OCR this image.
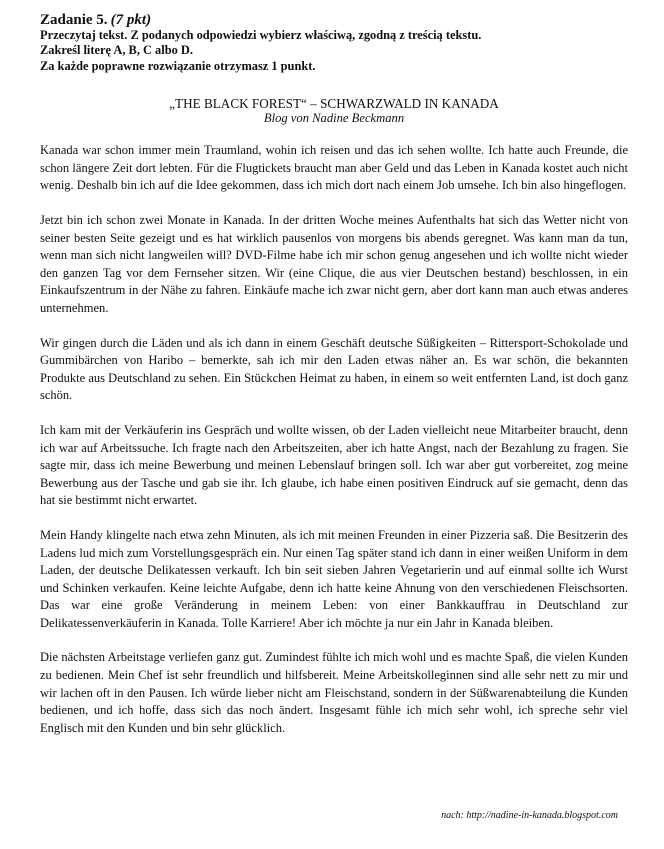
Zadanie 5. (7 pkt)
Przeczytaj tekst. Z podanych odpowiedzi wybierz właściwą, zgodną z treścią tekstu.
Zakreśl literę A, B, C albo D.
Za każde poprawne rozwiązanie otrzymasz 1 punkt.
„THE BLACK FOREST“ – SCHWARZWALD IN KANADA
Blog von Nadine Beckmann

Kanada war schon immer mein Traumland, wohin ich reisen und das ich sehen wollte. Ich hatte auch Freunde, die schon längere Zeit dort lebten. Für die Flugtickets braucht man aber Geld und das Leben in Kanada kostet auch nicht wenig. Deshalb bin ich auf die Idee gekommen, dass ich mich dort nach einem Job umsehe. Ich bin also hingeflogen.

Jetzt bin ich schon zwei Monate in Kanada. In der dritten Woche meines Aufenthalts hat sich das Wetter nicht von seiner besten Seite gezeigt und es hat wirklich pausenlos von morgens bis abends geregnet. Was kann man da tun, wenn man sich nicht langweilen will? DVD-Filme habe ich mir schon genug angesehen und ich wollte nicht wieder den ganzen Tag vor dem Fernseher sitzen. Wir (eine Clique, die aus vier Deutschen bestand) beschlossen, in ein Einkaufszentrum in der Nähe zu fahren. Einkäufe mache ich zwar nicht gern, aber dort kann man auch etwas anderes unternehmen.

Wir gingen durch die Läden und als ich dann in einem Geschäft deutsche Süßigkeiten – Rittersport-Schokolade und Gummibärchen von Haribo – bemerkte, sah ich mir den Laden etwas näher an. Es war schön, die bekannten Produkte aus Deutschland zu sehen. Ein Stückchen Heimat zu haben, in einem so weit entfernten Land, ist doch ganz schön.

Ich kam mit der Verkäuferin ins Gespräch und wollte wissen, ob der Laden vielleicht neue Mitarbeiter braucht, denn ich war auf Arbeitssuche. Ich fragte nach den Arbeitszeiten, aber ich hatte Angst, nach der Bezahlung zu fragen. Sie sagte mir, dass ich meine Bewerbung und meinen Lebenslauf bringen soll. Ich war aber gut vorbereitet, zog meine Bewerbung aus der Tasche und gab sie ihr. Ich glaube, ich habe einen positiven Eindruck auf sie gemacht, denn das hat sie bestimmt nicht erwartet.

Mein Handy klingelte nach etwa zehn Minuten, als ich mit meinen Freunden in einer Pizzeria saß. Die Besitzerin des Ladens lud mich zum Vorstellungsgespräch ein. Nur einen Tag später stand ich dann in einer weißen Uniform in dem Laden, der deutsche Delikatessen verkauft. Ich bin seit sieben Jahren Vegetarierin und auf einmal sollte ich Wurst und Schinken verkaufen. Keine leichte Aufgabe, denn ich hatte keine Ahnung von den verschiedenen Fleischsorten. Das war eine große Veränderung in meinem Leben: von einer Bankkauffrau in Deutschland zur Delikatessenverkäuferin in Kanada. Tolle Karriere! Aber ich möchte ja nur ein Jahr in Kanada bleiben.

Die nächsten Arbeitstage verliefen ganz gut. Zumindest fühlte ich mich wohl und es machte Spaß, die vielen Kunden zu bedienen. Mein Chef ist sehr freundlich und hilfsbereit. Meine Arbeitskolleginnen sind alle sehr nett zu mir und wir lachen oft in den Pausen. Ich würde lieber nicht am Fleischstand, sondern in der Süßwarenabteilung die Kunden bedienen, und ich hoffe, dass sich das noch ändert. Insgesamt fühle ich mich sehr wohl, ich spreche sehr viel Englisch mit den Kunden und bin sehr glücklich.

nach: http://nadine-in-kanada.blogspot.com
